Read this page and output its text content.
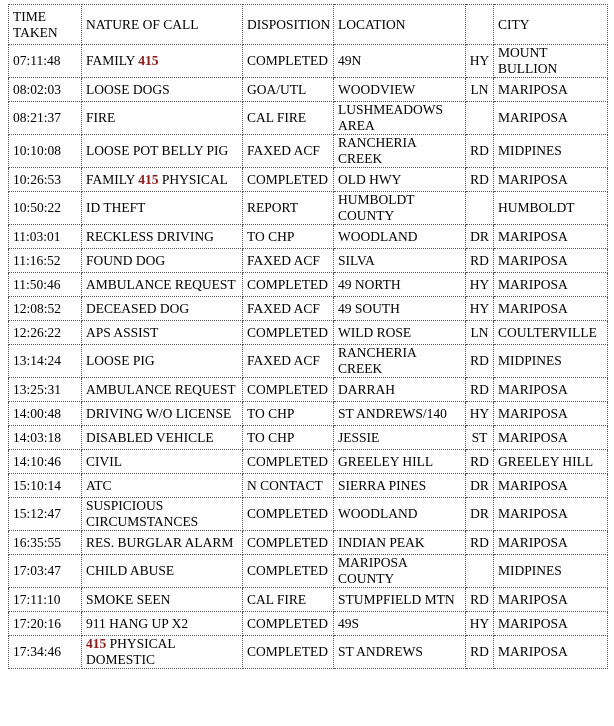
TIME TAKEN	NATURE OF CALL	DISPOSITION	LOCATION		CITY
07:11:48	FAMILY 415	COMPLETED	49N	HY	MOUNT BULLION
08:02:03	LOOSE DOGS	GOA/UTL	WOODVIEW	LN	MARIPOSA
08:21:37	FIRE	CAL FIRE	LUSHMEADOWS AREA		MARIPOSA
10:10:08	LOOSE POT BELLY PIG	FAXED ACF	RANCHERIA CREEK	RD	MIDPINES
10:26:53	FAMILY 415 PHYSICAL	COMPLETED	OLD HWY	RD	MARIPOSA
10:50:22	ID THEFT	REPORT	HUMBOLDT COUNTY		HUMBOLDT
11:03:01	RECKLESS DRIVING	TO CHP	WOODLAND	DR	MARIPOSA
11:16:52	FOUND DOG	FAXED ACF	SILVA	RD	MARIPOSA
11:50:46	AMBULANCE REQUEST	COMPLETED	49 NORTH	HY	MARIPOSA
12:08:52	DECEASED DOG	FAXED ACF	49 SOUTH	HY	MARIPOSA
12:26:22	APS ASSIST	COMPLETED	WILD ROSE	LN	COULTERVILLE
13:14:24	LOOSE PIG	FAXED ACF	RANCHERIA CREEK	RD	MIDPINES
13:25:31	AMBULANCE REQUEST	COMPLETED	DARRAH	RD	MARIPOSA
14:00:48	DRIVING W/O LICENSE	TO CHP	ST ANDREWS/140	HY	MARIPOSA
14:03:18	DISABLED VEHICLE	TO CHP	JESSIE	ST	MARIPOSA
14:10:46	CIVIL	COMPLETED	GREELEY HILL	RD	GREELEY HILL
15:10:14	ATC	N CONTACT	SIERRA PINES	DR	MARIPOSA
15:12:47	SUSPICIOUS CIRCUMSTANCES	COMPLETED	WOODLAND	DR	MARIPOSA
16:35:55	RES. BURGLAR ALARM	COMPLETED	INDIAN PEAK	RD	MARIPOSA
17:03:47	CHILD ABUSE	COMPLETED	MARIPOSA COUNTY		MIDPINES
17:11:10	SMOKE SEEN	CAL FIRE	STUMPFIELD MTN	RD	MARIPOSA
17:20:16	911 HANG UP X2	COMPLETED	49S	HY	MARIPOSA
17:34:46	415 PHYSICAL DOMESTIC	COMPLETED	ST ANDREWS	RD	MARIPOSA
